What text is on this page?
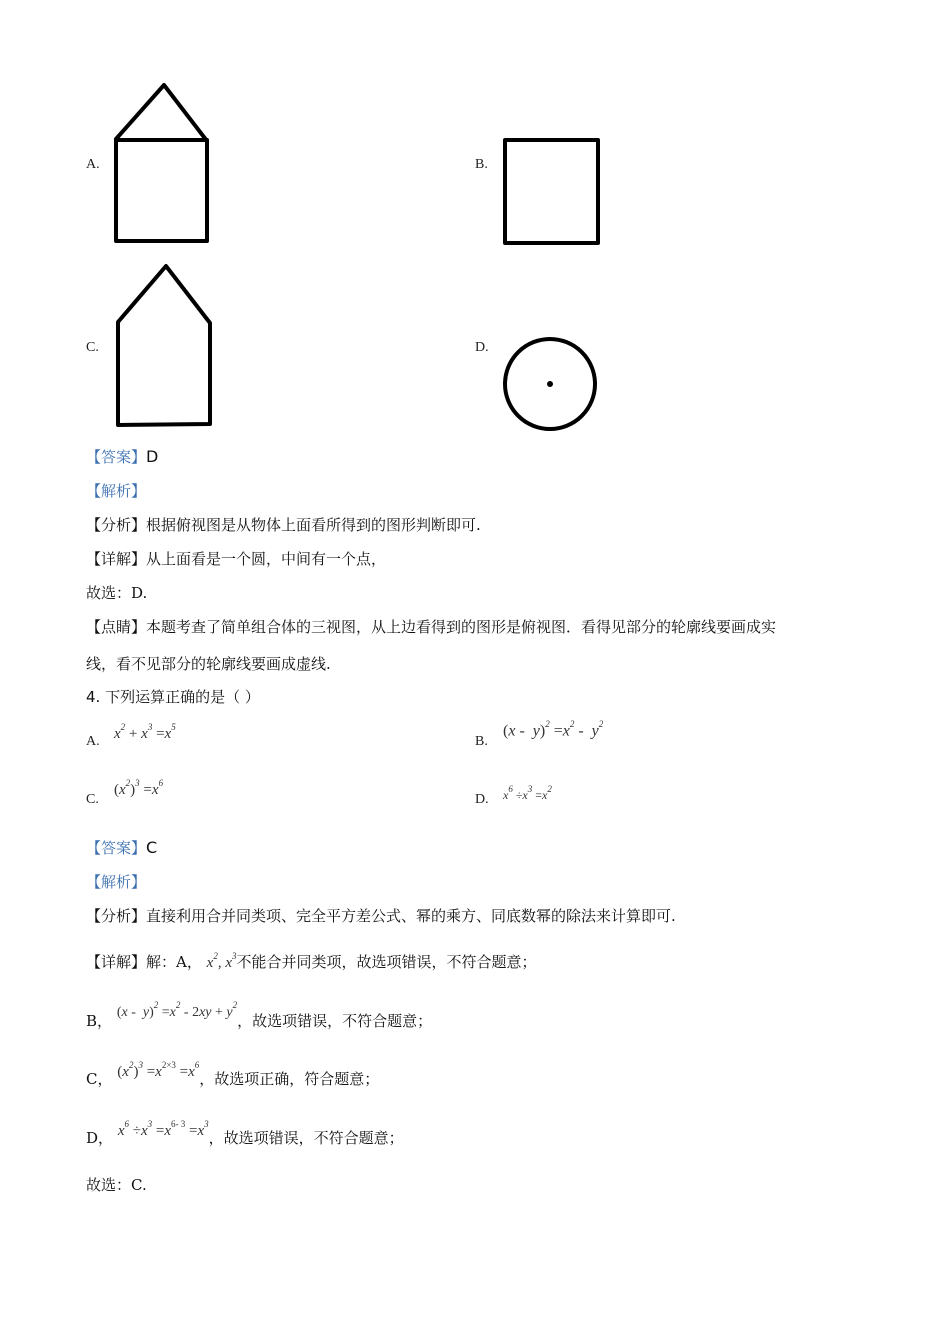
A.	B.
C.	D.
【答案】D
【解析】
【分析】根据俯视图是从物体上面看所得到的图形判断即可.
【详解】从上面看是一个圆，中间有一个点，
故选：D.
【点睛】本题考查了简单组合体的三视图，从上边看得到的图形是俯视图．看得见部分的轮廓线要画成实
线，看不见部分的轮廓线要画成虚线.
4. 下列运算正确的是（ ）
A. $x^2 + x^3 =x^5$
B.
$(x - y)^2 =x^2 - y^2$
C.
$(x^2)^3 =x^6$
D. $x^6 \div x^3 =x^2$
【答案】C
【解析】
【分析】直接利用合并同类项、完全平方差公式、幂的乘方、同底数幂的除法来计算即可.
【详解】解：A， $x^2$, $x^3$不能合并同类项，故选项错误，不符合题意；
B， $(x - y)^2 =x^2 - 2xy + y^2$，故选项错误，不符合题意；
C， $(x^2)^3 =x^{2\times 3} =x^6$，故选项正确，符合题意；
D， $x^6 \div x^3 =x^{6- 3} =x^3$，故选项错误，不符合题意；
故选：C.
